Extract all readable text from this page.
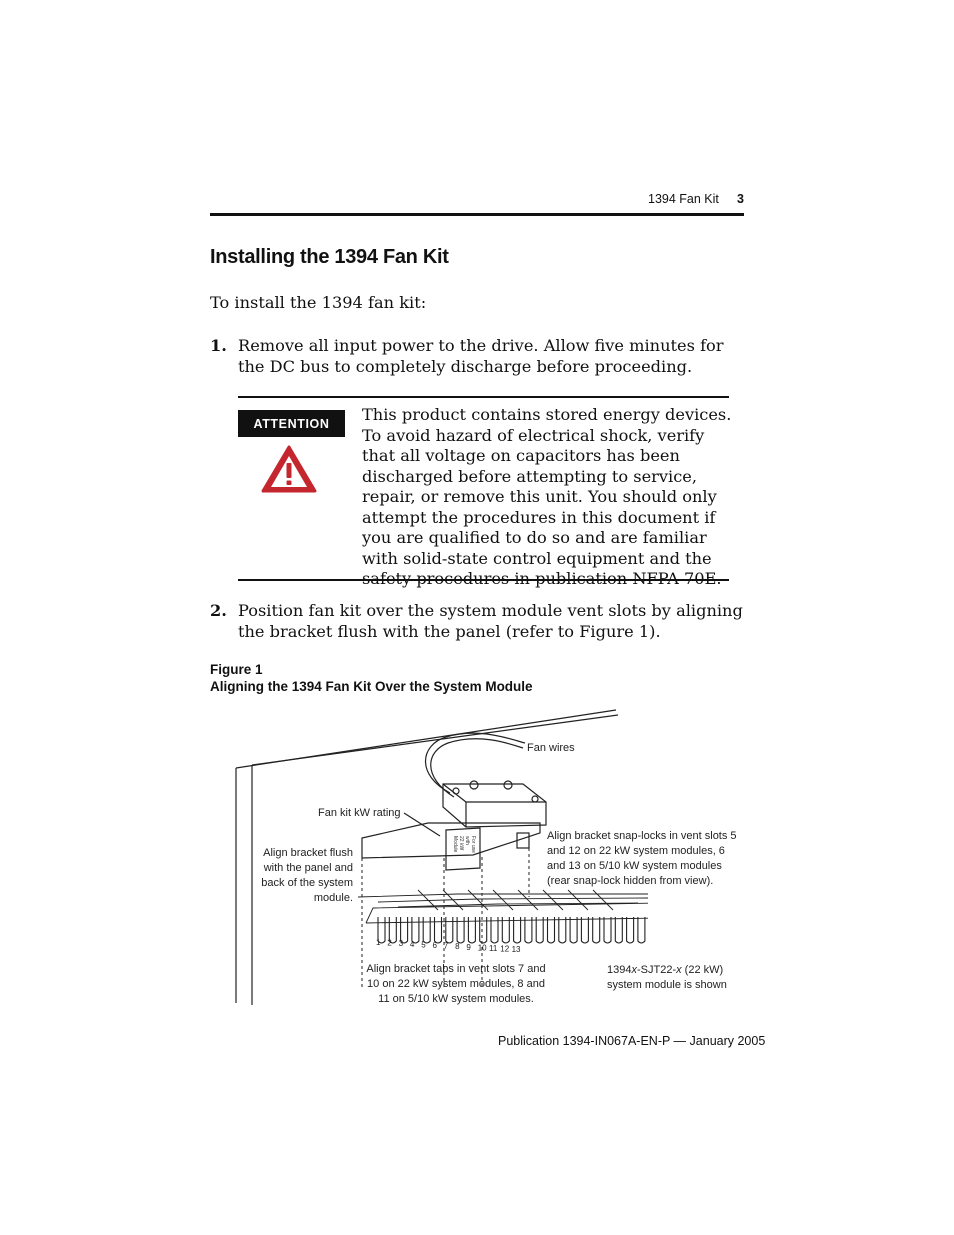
1394 Fan Kit 3
Installing the 1394 Fan Kit
To install the 1394 fan kit:
1. Remove all input power to the drive. Allow five minutes for the DC bus to completely discharge before proceeding.
ATTENTION	This product contains stored energy devices. To avoid hazard of electrical shock, verify that all voltage on capacitors has been discharged before attempting to service, repair, or remove this unit. You should only attempt the procedures in this document if you are qualified to do so and are familiar with solid-state control equipment and the
2. Position fan kit over the system module vent slots by aligning the bracket flush with the panel (refer to Figure 1).
Figure 1
Aligning the 1394 Fan Kit Over the System Module
For use
with
22 kW
Module
1 2 3 4 5 6 7 8 9 10 11 12 13
Fan wires
Fan kit kW rating
Align bracket flush with the panel and back of the system module.
Align bracket snap-locks in vent slots 5 and 12 on 22 kW system modules, 6 and 13 on 5/10 kW system modules (rear snap-lock hidden from view).
Align bracket tabs in vent slots 7 and 10 on 22 kW system modules, 8 and 11 on 5/10 kW system modules.
1394x-SJT22-x (22 kW)
system module is shown
Publication 1394-IN067A-EN-P — January 2005
